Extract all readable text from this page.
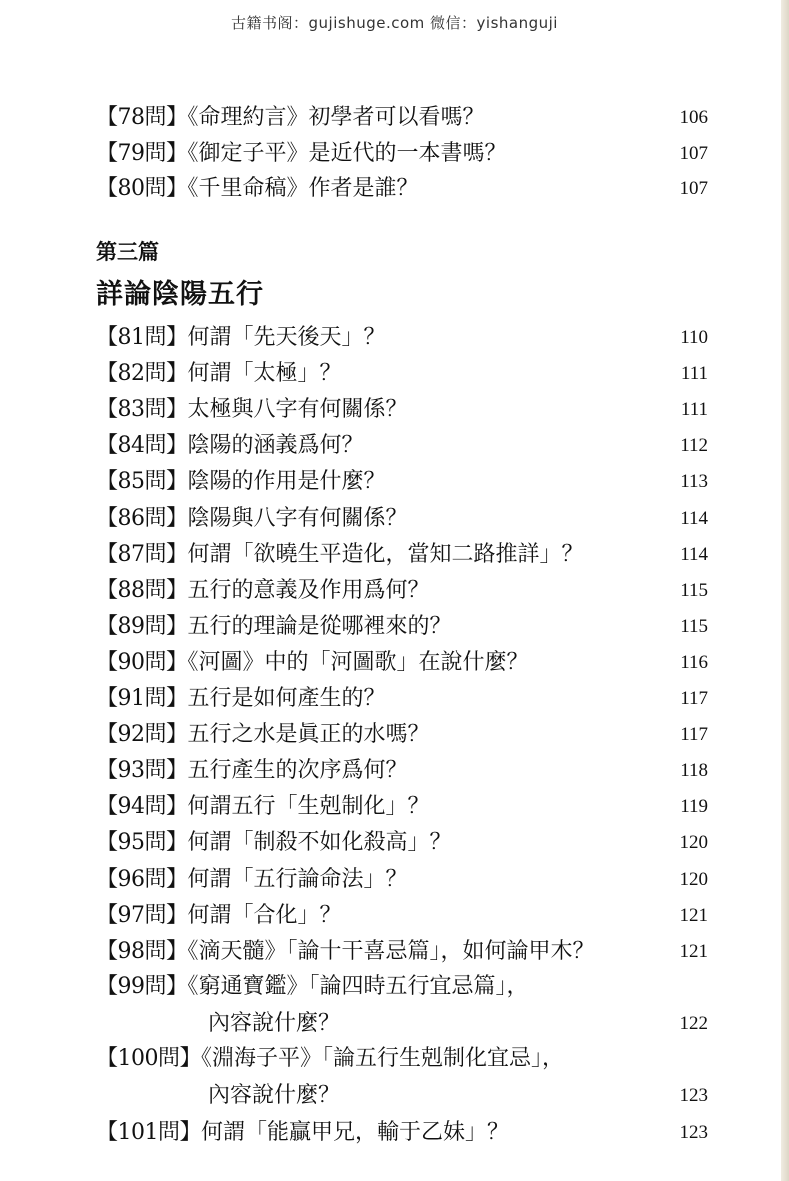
古籍书阁：gujishuge.com 微信：yishanguji
【78問】《命理約言》初學者可以看嗎？	106
【79問】《御定子平》是近代的一本書嗎？	107
【80問】《千里命稿》作者是誰？	107
第三篇
詳論陰陽五行
【81問】何謂「先天後天」？	110
【82問】何謂「太極」？	111
【83問】太極與八字有何關係？	111
【84問】陰陽的涵義爲何？	112
【85問】陰陽的作用是什麼？	113
【86問】陰陽與八字有何關係？	114
【87問】何謂「欲曉生平造化，當知二路推詳」？	114
【88問】五行的意義及作用爲何？	115
【89問】五行的理論是從哪裡來的？	115
【90問】《河圖》中的「河圖歌」在說什麼？	116
【91問】五行是如何產生的？	117
【92問】五行之水是眞正的水嗎？	117
【93問】五行產生的次序爲何？	118
【94問】何謂五行「生剋制化」？	119
【95問】何謂「制殺不如化殺高」？	120
【96問】何謂「五行論命法」？	120
【97問】何謂「合化」？	121
【98問】《滴天髓》「論十干喜忌篇」，如何論甲木？	121
【99問】《窮通寶鑑》「論四時五行宜忌篇」，
內容說什麼？	122
【100問】《淵海子平》「論五行生剋制化宜忌」，
內容說什麼？	123
【101問】何謂「能贏甲兄，輸于乙妹」？	123
